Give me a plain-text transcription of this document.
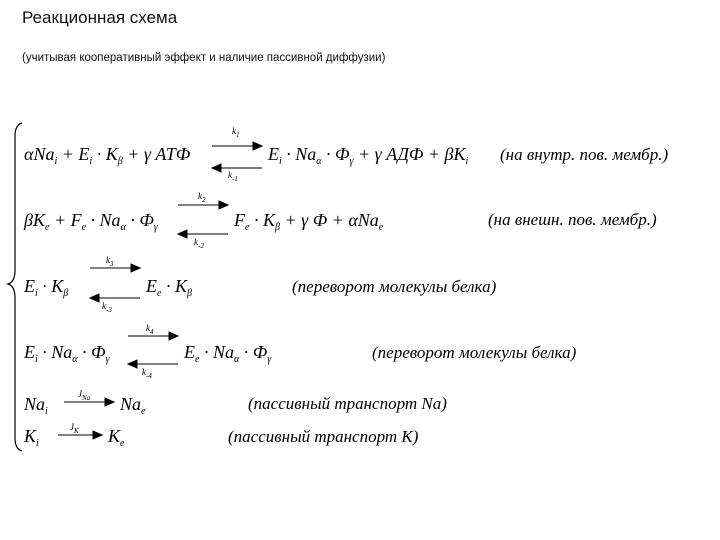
Реакционная схема
(учитывая кооперативный эффект и наличие пассивной диффузии)
$\alpha Na_i + E_i \cdot K_\beta + \gamma$ ATФ
$k_1$
$k_{-1}$
$E_i \cdot Na_\alpha \cdot Ф_\gamma + \gamma$ АДФ + $\beta K_i$ (на внутр. пов. мембр.)
$\beta K_e + F_e \cdot Na_\alpha \cdot Ф_\gamma$
$k_2$
$k_{-2}$
$F_e \cdot K_\beta + \gamma$ Ф + αNa$_e$	(на внешн. пов. мембр.)
$E_i \cdot K_\beta$
$k_3$
$k_{-3}$
$E_e \cdot K_\beta$	(переворот молекулы белка)
$E_i \cdot Na_\alpha \cdot Ф_\gamma$
$k_4$
$k_{-4}$
$E_e \cdot Na_\alpha \cdot Ф_\gamma$	(переворот молекулы белка)
$Na_i$
$J_{Na}$ $Na_e$	(пассивный транспорт Na)
$K_i$
$J_K$ $K_e$	(пассивный транспорт K)
